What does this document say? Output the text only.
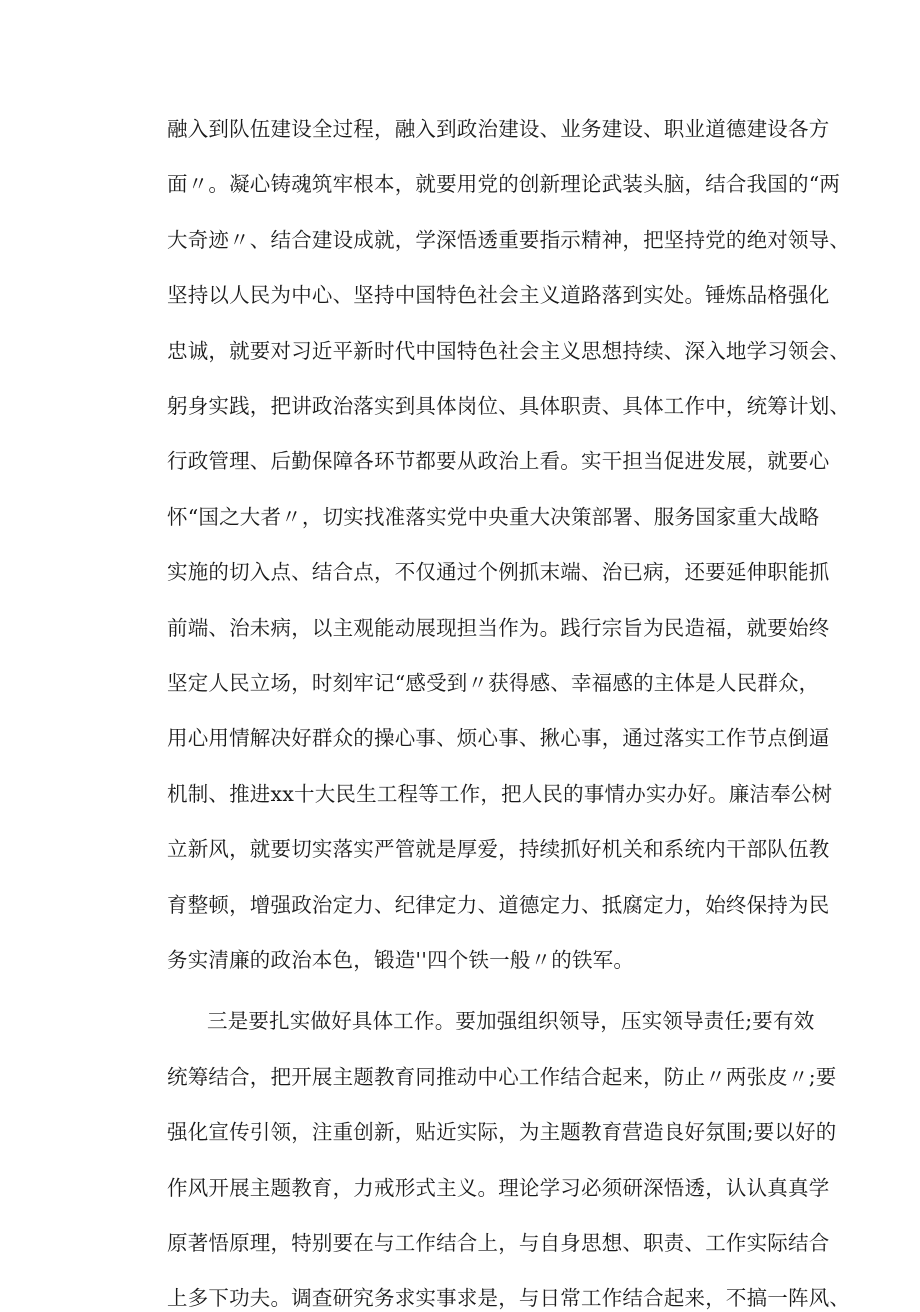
融入到队伍建设全过程，融入到政治建设、业务建设、职业道德建设各方
面〃。凝心铸魂筑牢根本，就要用党的创新理论武装头脑，结合我国的“两
大奇迹〃、结合建设成就，学深悟透重要指示精神，把坚持党的绝对领导、
坚持以人民为中心、坚持中国特色社会主义道路落到实处。锤炼品格强化
忠诚，就要对习近平新时代中国特色社会主义思想持续、深入地学习领会、
躬身实践，把讲政治落实到具体岗位、具体职责、具体工作中，统筹计划、
行政管理、后勤保障各环节都要从政治上看。实干担当促进发展，就要心
怀“国之大者〃，切实找准落实党中央重大决策部署、服务国家重大战略
实施的切入点、结合点，不仅通过个例抓末端、治已病，还要延伸职能抓
前端、治未病，以主观能动展现担当作为。践行宗旨为民造福，就要始终
坚定人民立场，时刻牢记“感受到〃获得感、幸福感的主体是人民群众，
用心用情解决好群众的操心事、烦心事、揪心事，通过落实工作节点倒逼
机制、推进xx十大民生工程等工作，把人民的事情办实办好。廉洁奉公树
立新风，就要切实落实严管就是厚爱，持续抓好机关和系统内干部队伍教
育整顿，增强政治定力、纪律定力、道德定力、抵腐定力，始终保持为民
务实清廉的政治本色，锻造''四个铁一般〃的铁军。
三是要扎实做好具体工作。要加强组织领导，压实领导责任;要有效
统筹结合，把开展主题教育同推动中心工作结合起来，防止〃两张皮〃;要
强化宣传引领，注重创新，贴近实际，为主题教育营造良好氛围;要以好的
作风开展主题教育，力戒形式主义。理论学习必须研深悟透，认认真真学
原著悟原理，特别要在与工作结合上，与自身思想、职责、工作实际结合
上多下功夫。调查研究务求实事求是，与日常工作结合起来，不搞一阵风、
